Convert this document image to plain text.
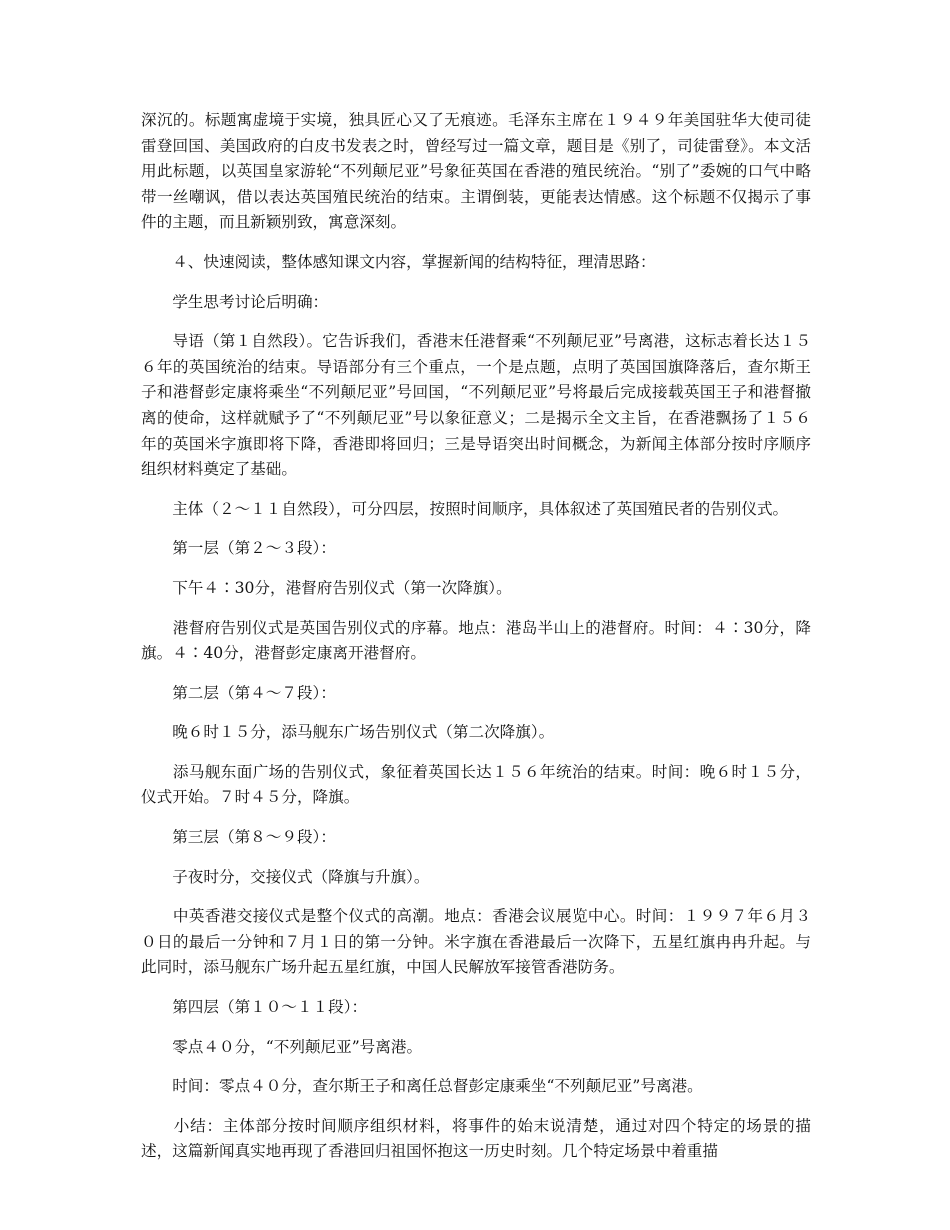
深沉的。标题寓虚境于实境，独具匠心又了无痕迹。毛泽东主席在１９４９年美国驻华大使司徒雷登回国、美国政府的白皮书发表之时，曾经写过一篇文章，题目是《别了，司徒雷登》。本文活用此标题，以英国皇家游轮“不列颠尼亚”号象征英国在香港的殖民统治。“别了”委婉的口气中略带一丝嘲讽，借以表达英国殖民统治的结束。主谓倒装，更能表达情感。这个标题不仅揭示了事件的主题，而且新颖别致，寓意深刻。

　　４、快速阅读，整体感知课文内容，掌握新闻的结构特征，理清思路：

　　学生思考讨论后明确：

　　导语（第１自然段）。它告诉我们，香港末任港督乘“不列颠尼亚”号离港，这标志着长达１５６年的英国统治的结束。导语部分有三个重点，一个是点题，点明了英国国旗降落后，查尔斯王子和港督彭定康将乘坐“不列颠尼亚”号回国，“不列颠尼亚”号将最后完成接载英国王子和港督撤离的使命，这样就赋予了“不列颠尼亚”号以象征意义；二是揭示全文主旨，在香港飘扬了１５６年的英国米字旗即将下降，香港即将回归；三是导语突出时间概念，为新闻主体部分按时序顺序组织材料奠定了基础。

　　主体（２～１１自然段），可分四层，按照时间顺序，具体叙述了英国殖民者的告别仪式。

　　第一层（第２～３段）：

　　下午４∶30分，港督府告别仪式（第一次降旗）。

　　港督府告别仪式是英国告别仪式的序幕。地点：港岛半山上的港督府。时间：４∶30分，降旗。４∶40分，港督彭定康离开港督府。

　　第二层（第４～７段）：

　　晚６时１５分，添马舰东广场告别仪式（第二次降旗）。

　　添马舰东面广场的告别仪式，象征着英国长达１５６年统治的结束。时间：晚６时１５分，仪式开始。７时４５分，降旗。

　　第三层（第８～９段）：

　　子夜时分，交接仪式（降旗与升旗）。

　　中英香港交接仪式是整个仪式的高潮。地点：香港会议展览中心。时间：１９９７年６月３０日的最后一分钟和７月１日的第一分钟。米字旗在香港最后一次降下，五星红旗冉冉升起。与此同时，添马舰东广场升起五星红旗，中国人民解放军接管香港防务。

　　第四层（第１０～１１段）：

　　零点４０分，“不列颠尼亚”号离港。

　　时间：零点４０分，查尔斯王子和离任总督彭定康乘坐“不列颠尼亚”号离港。

　　小结：主体部分按时间顺序组织材料，将事件的始末说清楚，通过对四个特定的场景的描述，这篇新闻真实地再现了香港回归祖国怀抱这一历史时刻。几个特定场景中着重描
